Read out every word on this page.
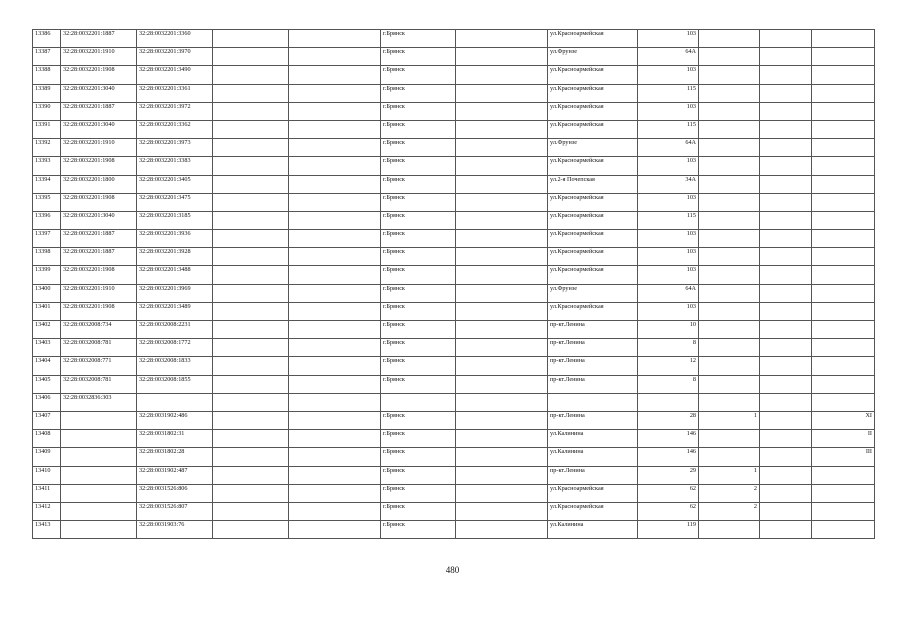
13386	32:28:0032201:1887	32:28:0032201:3360			г.Брянск		ул.Красноармейская	103			
13387	32:28:0032201:1910	32:28:0032201:3970			г.Брянск		ул.Фрунзе	64А			
13388	32:28:0032201:1908	32:28:0032201:3490			г.Брянск		ул.Красноармейская	103			
13389	32:28:0032201:3040	32:28:0032201:3361			г.Брянск		ул.Красноармейская	115			
13390	32:28:0032201:1887	32:28:0032201:3972			г.Брянск		ул.Красноармейская	103			
13391	32:28:0032201:3040	32:28:0032201:3362			г.Брянск		ул.Красноармейская	115			
13392	32:28:0032201:1910	32:28:0032201:3973			г.Брянск		ул.Фрунзе	64А			
13393	32:28:0032201:1908	32:28:0032201:3383			г.Брянск		ул.Красноармейская	103			
13394	32:28:0032201:1800	32:28:0032201:3405			г.Брянск		ул.2-я Почепская	34А			
13395	32:28:0032201:1908	32:28:0032201:3475			г.Брянск		ул.Красноармейская	103			
13396	32:28:0032201:3040	32:28:0032201:3185			г.Брянск		ул.Красноармейская	115			
13397	32:28:0032201:1887	32:28:0032201:3936			г.Брянск		ул.Красноармейская	103			
13398	32:28:0032201:1887	32:28:0032201:3928			г.Брянск		ул.Красноармейская	103			
13399	32:28:0032201:1908	32:28:0032201:3488			г.Брянск		ул.Красноармейская	103			
13400	32:28:0032201:1910	32:28:0032201:3969			г.Брянск		ул.Фрунзе	64А			
13401	32:28:0032201:1908	32:28:0032201:3489			г.Брянск		ул.Красноармейская	103			
13402	32:28:0032008:734	32:28:0032008:2231			г.Брянск		пр-кт.Ленина	10			
13403	32:28:0032008:781	32:28:0032008:1772			г.Брянск		пр-кт.Ленина	8			
13404	32:28:0032008:771	32:28:0032008:1833			г.Брянск		пр-кт.Ленина	12			
13405	32:28:0032008:781	32:28:0032008:1855			г.Брянск		пр-кт.Ленина	8			
13406	32:28:0032836:303										
13407		32:28:0031902:486			г.Брянск		пр-кт.Ленина	28	1		XI
13408		32:28:0031802:31			г.Брянск		ул.Калинина	146			II
13409		32:28:0031802:28			г.Брянск		ул.Калинина	146			III
13410		32:28:0031902:487			г.Брянск		пр-кт.Ленина	29	1		
13411		32:28:0031526:806			г.Брянск		ул.Красноармейская	62	2		
13412		32:28:0031526:807			г.Брянск		ул.Красноармейская	62	2		
13413		32:28:0031903:76			г.Брянск		ул.Калинина	119			
480
